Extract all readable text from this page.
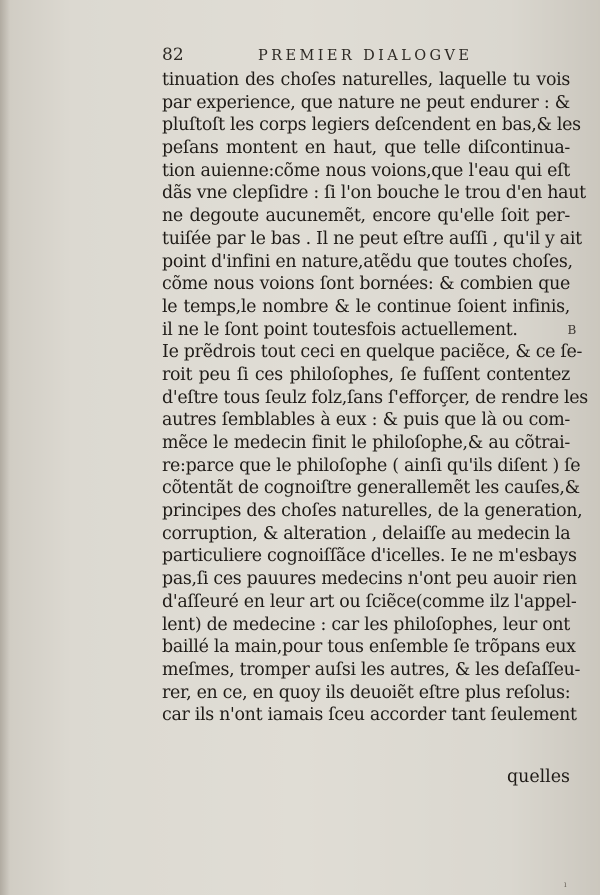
82	PREMIER DIALOGVE
tinuation des choſes naturelles, laquelle tu vois
par experience, que nature ne peut endurer : &
pluſtoſt les corps legiers deſcendent en bas,& les
peſans montent en haut, que telle diſcontinua-
tion auienne:cõme nous voions,que l'eau qui eſt
dãs vne clepſidre : ſi l'on bouche le trou d'en haut
ne degoute aucunemẽt, encore qu'elle ſoit per-
tuiſée par le bas . Il ne peut eſtre auſſi , qu'il y ait
point d'infini en nature,atẽdu que toutes choſes,
cõme nous voions ſont bornées: & combien que
le temps,le nombre & le continue ſoient infinis,
il ne le ſont point toutesfois actuellement.	B
Ie prẽdrois tout ceci en quelque paciẽce, & ce ſe-
roit peu ſi ces philoſophes, ſe fuſſent contentez
d'eſtre tous ſeulz folz,ſans ſ'efforçer, de rendre les
autres ſemblables à eux : & puis que là ou com-
mẽce le medecin finit le philoſophe,& au cõtrai-
re:parce que le philoſophe ( ainſi qu'ils diſent ) ſe
cõtentãt de cognoiſtre generallemẽt les cauſes,&
principes des choſes naturelles, de la generation,
corruption, & alteration , delaiſſe au medecin la
particuliere cognoiſſãce d'icelles. Ie ne m'esbays
pas,ſi ces pauures medecins n'ont peu auoir rien
d'aſſeuré en leur art ou ſciẽce(comme ilz l'appel-
lent) de medecine : car les philoſophes, leur ont
baillé la main,pour tous enſemble ſe trõpans eux
meſmes, tromper auſsi les autres, & les deſaſſeu-
rer, en ce, en quoy ils deuoiẽt eſtre plus reſolus:
car ils n'ont iamais ſceu accorder tant ſeulement
quelles
ı
